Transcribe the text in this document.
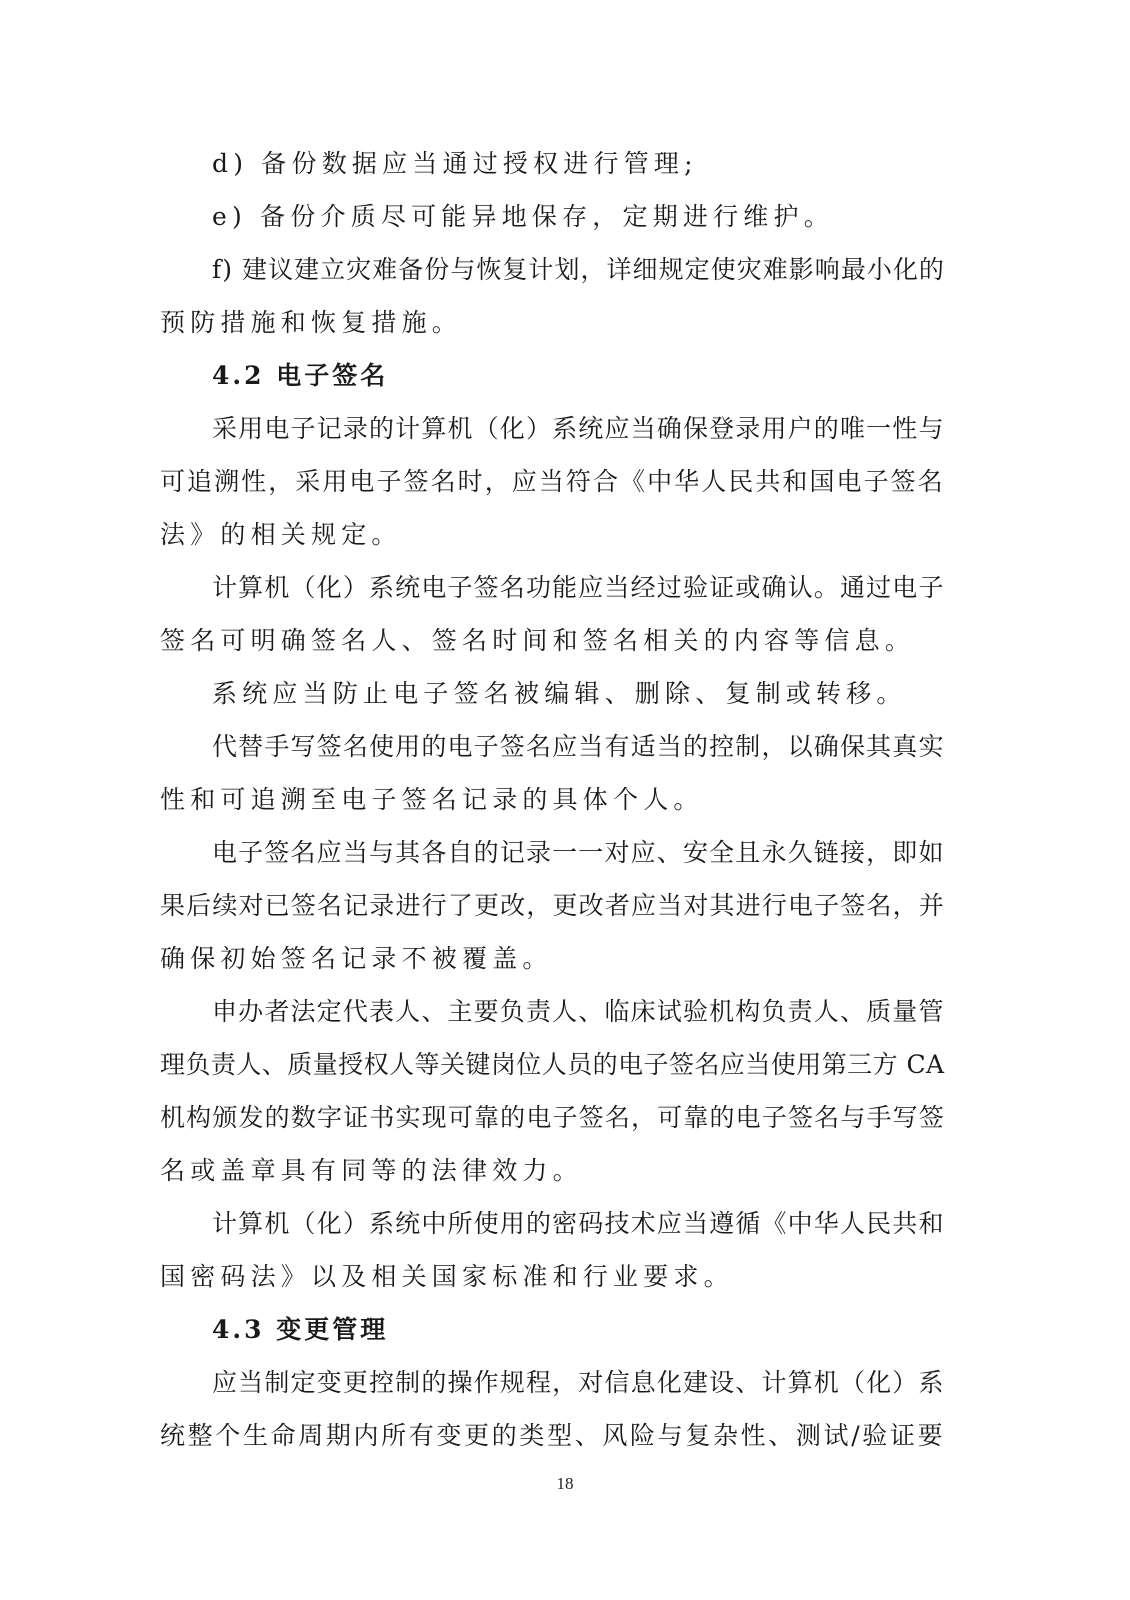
d) 备份数据应当通过授权进行管理;
e) 备份介质尽可能异地保存，定期进行维护。
f) 建议建立灾难备份与恢复计划，详细规定使灾难影响最小化的
预防措施和恢复措施。
4.2 电子签名
采用电子记录的计算机（化）系统应当确保登录用户的唯一性与
可追溯性，采用电子签名时，应当符合《中华人民共和国电子签名
法》的相关规定。
计算机（化）系统电子签名功能应当经过验证或确认。通过电子
签名可明确签名人、签名时间和签名相关的内容等信息。
系统应当防止电子签名被编辑、删除、复制或转移。
代替手写签名使用的电子签名应当有适当的控制，以确保其真实
性和可追溯至电子签名记录的具体个人。
电子签名应当与其各自的记录一一对应、安全且永久链接，即如
果后续对已签名记录进行了更改，更改者应当对其进行电子签名，并
确保初始签名记录不被覆盖。
申办者法定代表人、主要负责人、临床试验机构负责人、质量管
理负责人、质量授权人等关键岗位人员的电子签名应当使用第三方 CA
机构颁发的数字证书实现可靠的电子签名，可靠的电子签名与手写签
名或盖章具有同等的法律效力。
计算机（化）系统中所使用的密码技术应当遵循《中华人民共和
国密码法》以及相关国家标准和行业要求。
4.3 变更管理
应当制定变更控制的操作规程，对信息化建设、计算机（化）系
统整个生命周期内所有变更的类型、风险与复杂性、测试/验证要
18
